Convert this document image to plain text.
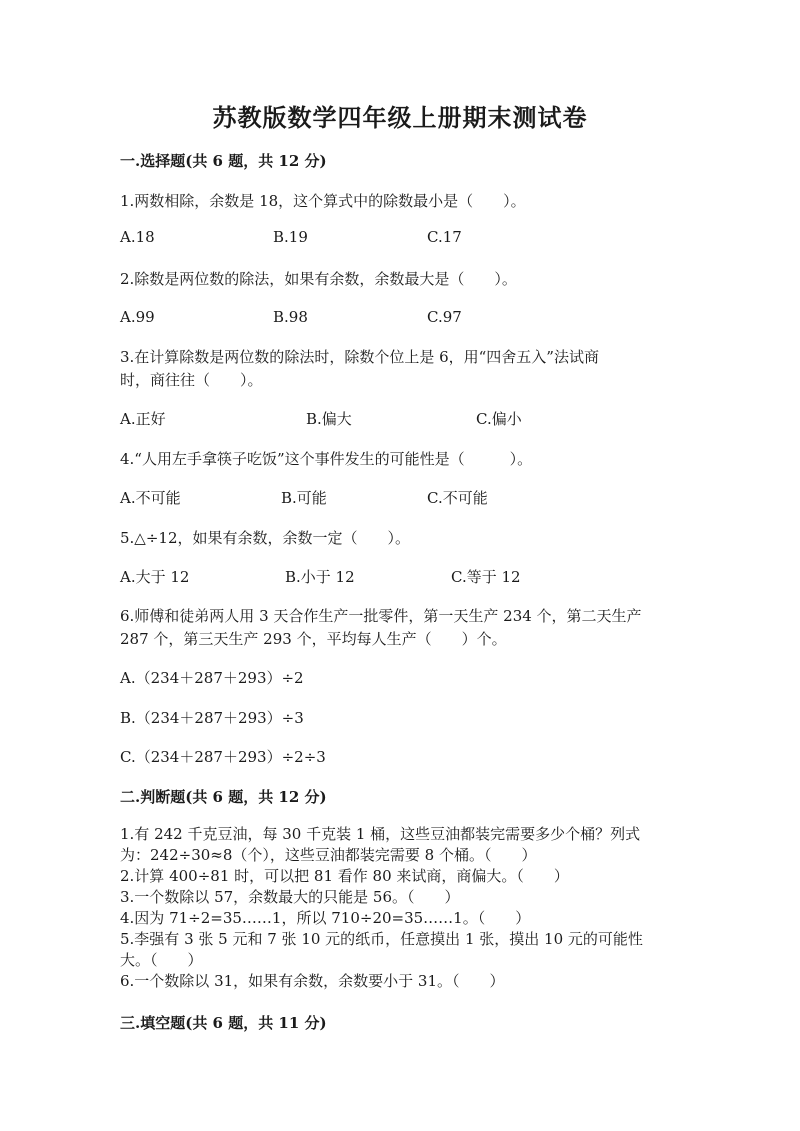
苏教版数学四年级上册期末测试卷
一.选择题(共 6 题，共 12 分)
1.两数相除，余数是 18，这个算式中的除数最小是（　　）。
A.18	B.19	C.17
2.除数是两位数的除法，如果有余数，余数最大是（　　）。
A.99	B.98	C.97
3.在计算除数是两位数的除法时，除数个位上是 6，用“四舍五入”法试商
时，商往往（　　）。
A.正好	B.偏大	C.偏小
4.“人用左手拿筷子吃饭”这个事件发生的可能性是（　　　）。
A.不可能	B.可能	C.不可能
5.△÷12，如果有余数，余数一定（　　）。
A.大于 12	B.小于 12	C.等于 12
6.师傅和徒弟两人用 3 天合作生产一批零件，第一天生产 234 个，第二天生产
287 个，第三天生产 293 个，平均每人生产（　　）个。
A.（234＋287＋293）÷2
B.（234＋287＋293）÷3
C.（234＋287＋293）÷2÷3
二.判断题(共 6 题，共 12 分)
1.有 242 千克豆油，每 30 千克装 1 桶，这些豆油都装完需要多少个桶？列式
为：242÷30≈8（个），这些豆油都装完需要 8 个桶。（　　）
2.计算 400÷81 时，可以把 81 看作 80 来试商，商偏大。（　　）
3.一个数除以 57，余数最大的只能是 56。（　　）
4.因为 71÷2=35……1，所以 710÷20=35……1。（　　）
5.李强有 3 张 5 元和 7 张 10 元的纸币，任意摸出 1 张，摸出 10 元的可能性
大。（　　）
6.一个数除以 31，如果有余数，余数要小于 31。（　　）
三.填空题(共 6 题，共 11 分)
